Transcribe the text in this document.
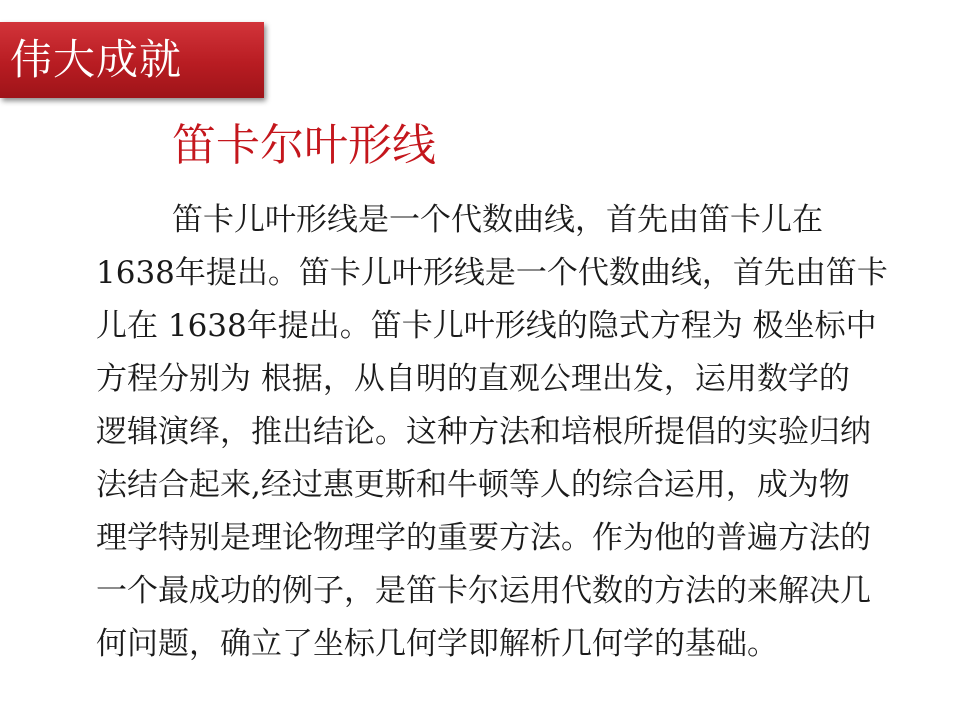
伟大成就
笛卡尔叶形线
笛卡儿叶形线是一个代数曲线，首先由笛卡儿在
1638年提出。笛卡儿叶形线是一个代数曲线，首先由笛卡
儿在 1638年提出。笛卡儿叶形线的隐式方程为 极坐标中
方程分别为 根据，从自明的直观公理出发，运用数学的
逻辑演绎，推出结论。这种方法和培根所提倡的实验归纳
法结合起来,经过惠更斯和牛顿等人的综合运用，成为物
理学特别是理论物理学的重要方法。作为他的普遍方法的
一个最成功的例子，是笛卡尔运用代数的方法的来解决几
何问题，确立了坐标几何学即解析几何学的基础。
